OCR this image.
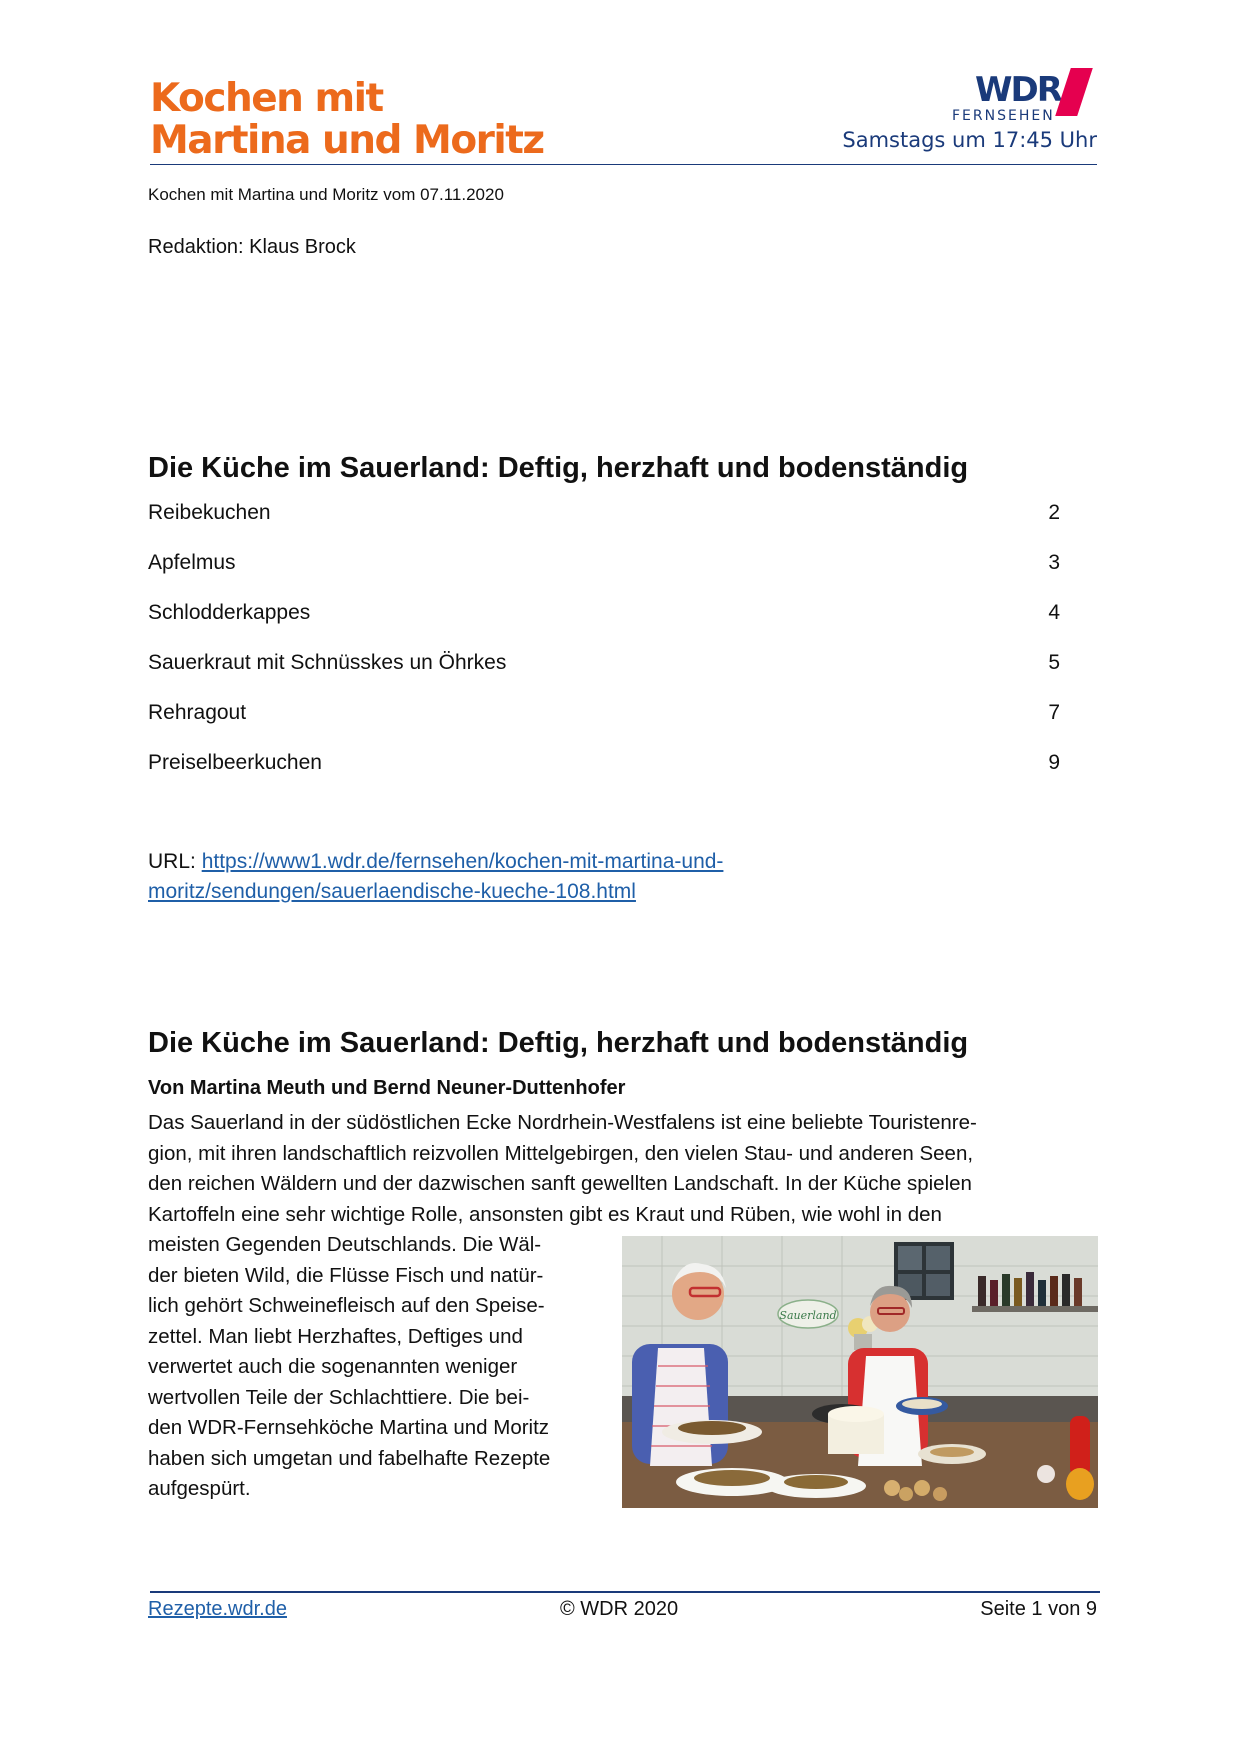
Kochen mit
Martina und Moritz
WDR
FERNSEHEN
Samstags um 17:45 Uhr
Kochen mit Martina und Moritz vom 07.11.2020
Redaktion: Klaus Brock
Die Küche im Sauerland: Deftig, herzhaft und bodenständig
Reibekuchen	2
Apfelmus	3
Schlodderkappes	4
Sauerkraut mit Schnüsskes un Öhrkes	5
Rehragout	7
Preiselbeerkuchen	9
URL: https://www1.wdr.de/fernsehen/kochen-mit-martina-und-
moritz/sendungen/sauerlaendische-kueche-108.html
Die Küche im Sauerland: Deftig, herzhaft und bodenständig
Von Martina Meuth und Bernd Neuner-Duttenhofer
Das Sauerland in der südöstlichen Ecke Nordrhein-Westfalens ist eine beliebte Touristenre-
gion, mit ihren landschaftlich reizvollen Mittelgebirgen, den vielen Stau- und anderen Seen,
den reichen Wäldern und der dazwischen sanft gewellten Landschaft. In der Küche spielen
Kartoffeln eine sehr wichtige Rolle, ansonsten gibt es Kraut und Rüben, wie wohl in den
meisten Gegenden Deutschlands. Die Wäl-
der bieten Wild, die Flüsse Fisch und natür-
lich gehört Schweinefleisch auf den Speise-
zettel. Man liebt Herzhaftes, Deftiges und
verwertet auch die sogenannten weniger
wertvollen Teile der Schlachttiere. Die bei-
den WDR-Fernsehköche Martina und Moritz
haben sich umgetan und fabelhafte Rezepte
aufgespürt.
Sauerland
Rezepte.wdr.de	© WDR 2020	Seite 1 von 9
